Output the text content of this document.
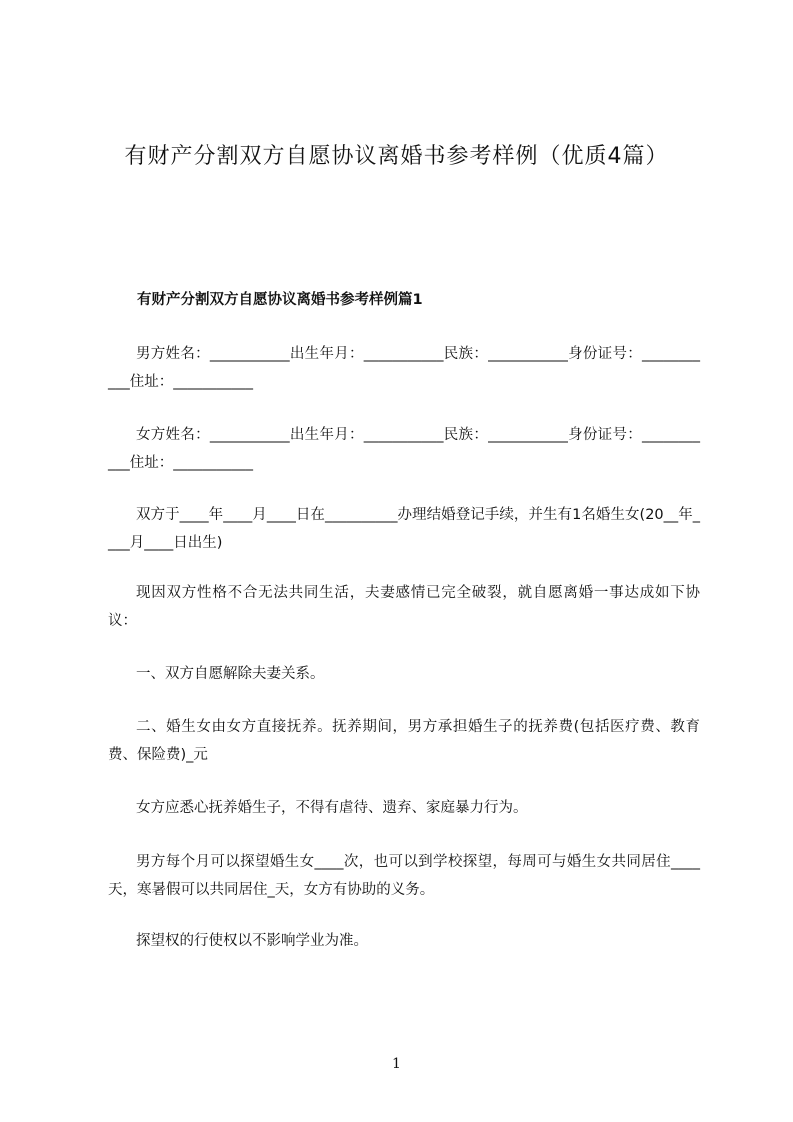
有财产分割双方自愿协议离婚书参考样例（优质4篇）
有财产分割双方自愿协议离婚书参考样例篇1

男方姓名：___________出生年月：___________民族：___________身份证号：___________住址：___________

女方姓名：___________出生年月：___________民族：___________身份证号：___________住址：___________

双方于____年____月____日在__________办理结婚登记手续，并生有1名婚生女(20__年____月____日出生)

现因双方性格不合无法共同生活，夫妻感情已完全破裂，就自愿离婚一事达成如下协议：

一、双方自愿解除夫妻关系。

二、婚生女由女方直接抚养。抚养期间，男方承担婚生子的抚养费(包括医疗费、教育费、保险费)_元

女方应悉心抚养婚生子，不得有虐待、遗弃、家庭暴力行为。

男方每个月可以探望婚生女____次，也可以到学校探望，每周可与婚生女共同居住____天，寒暑假可以共同居住_天，女方有协助的义务。

探望权的行使权以不影响学业为准。

1
